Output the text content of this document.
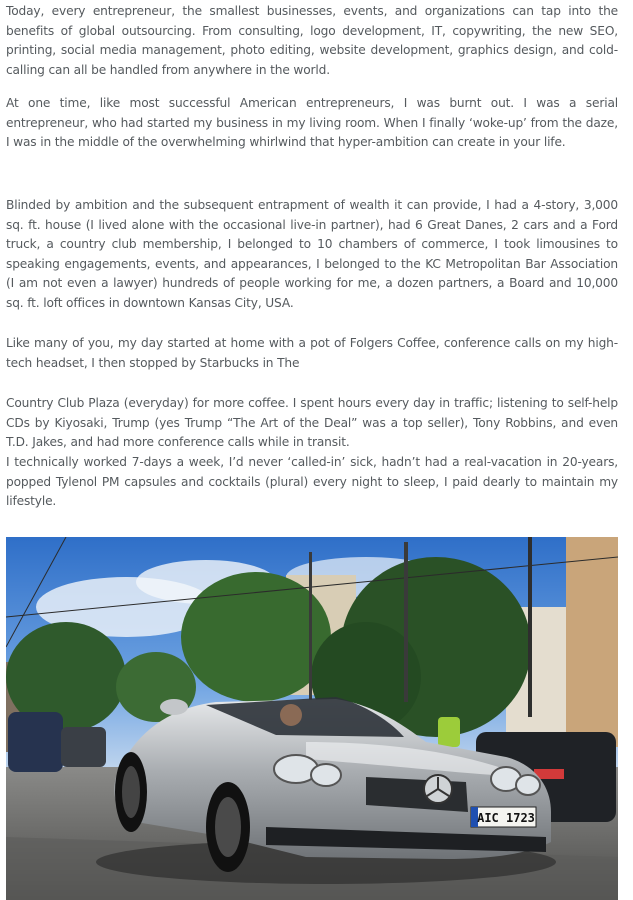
Today, every entrepreneur, the smallest businesses, events, and organizations can tap into the benefits of global outsourcing. From consulting, logo development, IT, copywriting, the new SEO, printing, social media management, photo editing, website development, graphics design, and cold-calling can all be handled from anywhere in the world.

At one time, like most successful American entrepreneurs, I was burnt out. I was a serial entrepreneur, who had started my business in my living room. When I finally ‘woke-up’ from the daze, I was in the middle of the overwhelming whirlwind that hyper-ambition can create in your life.

Blinded by ambition and the subsequent entrapment of wealth it can provide, I had a 4-story, 3,000 sq. ft. house (I lived alone with the occasional live-in partner), had 6 Great Danes, 2 cars and a Ford truck, a country club membership, I belonged to 10 chambers of commerce, I took limousines to speaking engagements, events, and appearances, I belonged to the KC Metropolitan Bar Association (I am not even a lawyer) hundreds of people working for me, a dozen partners, a Board and 10,000 sq. ft. loft offices in downtown Kansas City, USA.

Like many of you, my day started at home with a pot of Folgers Coffee, conference calls on my high-tech headset, I then stopped by Starbucks in The

Country Club Plaza (everyday) for more coffee. I spent hours every day in traffic; listening to self-help CDs by Kiyosaki, Trump (yes Trump “The Art of the Deal” was a top seller), Tony Robbins, and even T.D. Jakes, and had more conference calls while in transit.

I technically worked 7-days a week, I’d never ‘called-in’ sick, hadn’t had a real-vacation in 20-years, popped Tylenol PM capsules and cocktails (plural) every night to sleep, I paid dearly to maintain my lifestyle.

AIC 1723
